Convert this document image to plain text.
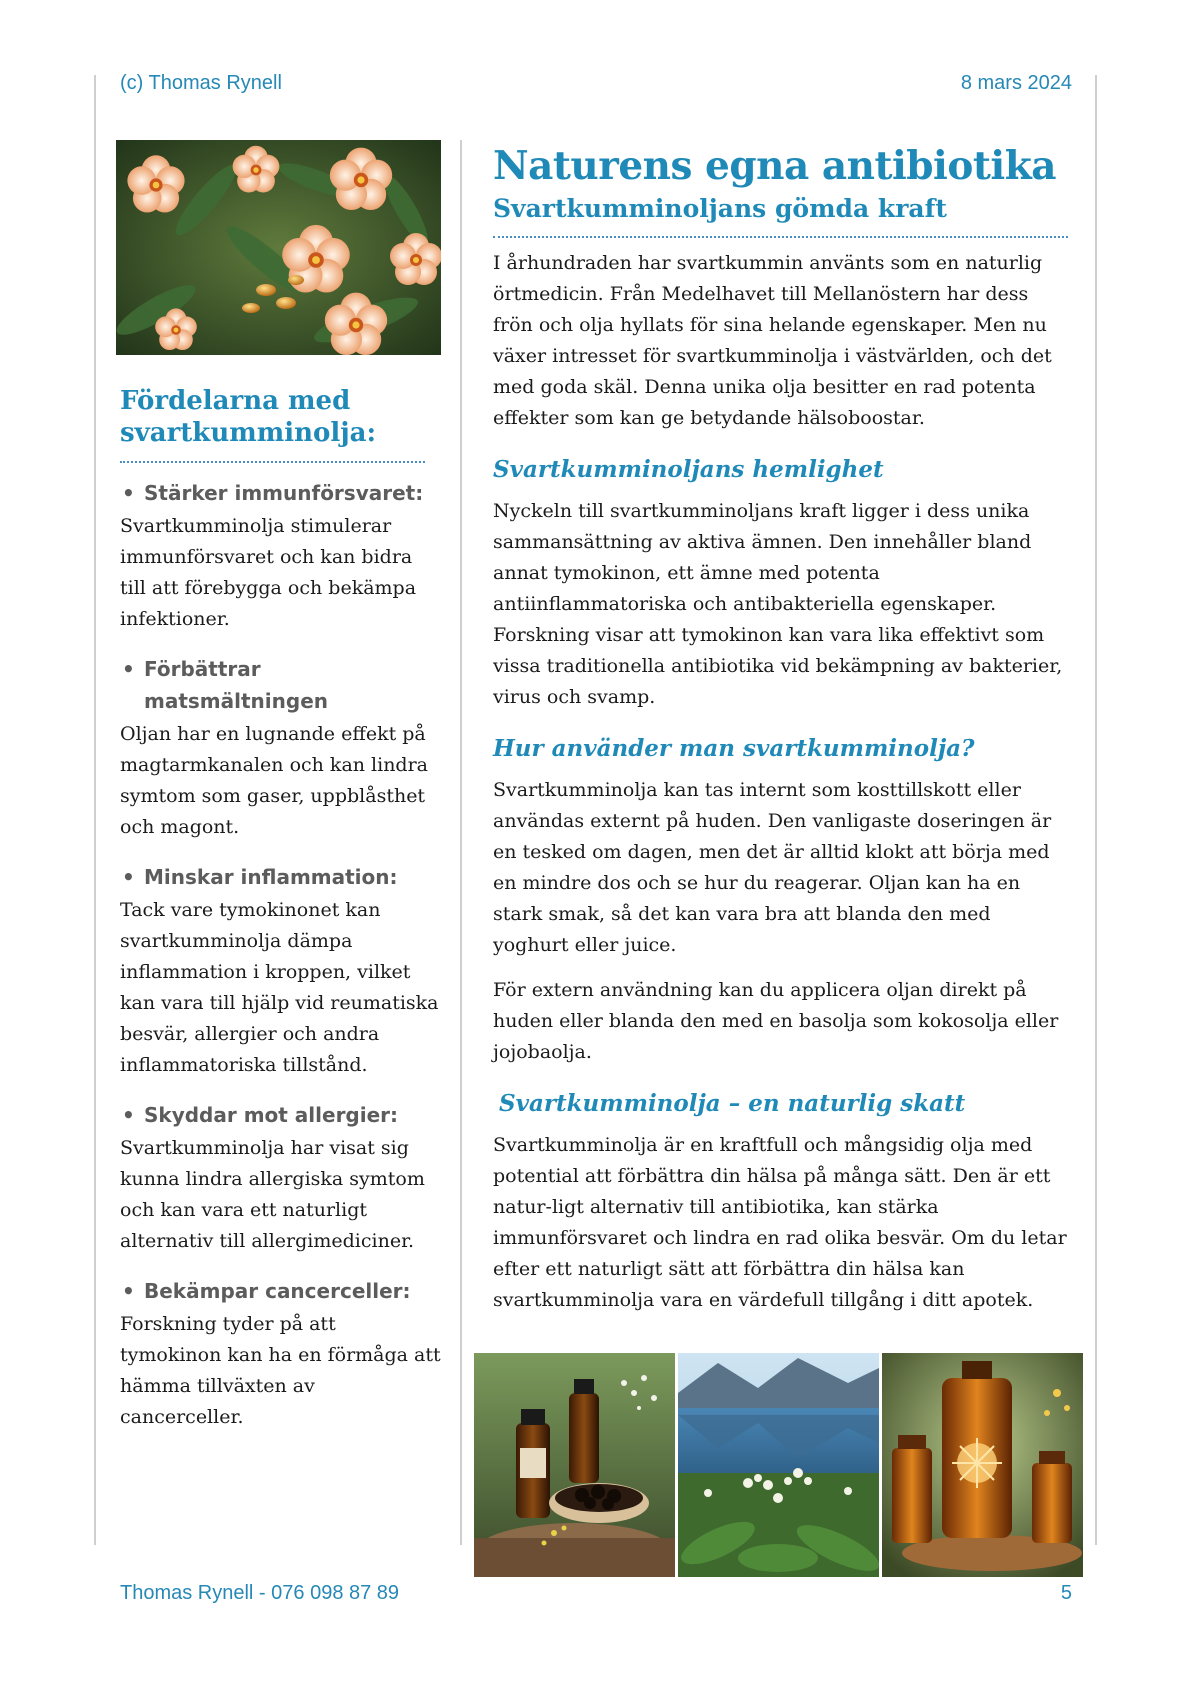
(c) Thomas Rynell	8 mars 2024
Fördelarna med svartkumminolja:
• Stärker immunförsvaret:
Svartkumminolja stimulerar immunförsvaret och kan bidra till att förebygga och bekämpa infektioner.
• Förbättrar matsmältningen
Oljan har en lugnande effekt på magtarmkanalen och kan lindra symtom som gaser, uppblåsthet och magont.
• Minskar inflammation:
Tack vare tymokinonet kan svartkumminolja dämpa inflammation i kroppen, vilket kan vara till hjälp vid reumatiska besvär, allergier och andra inflammatoriska tillstånd.
• Skyddar mot allergier:
Svartkumminolja har visat sig kunna lindra allergiska symtom och kan vara ett naturligt alternativ till allergimediciner.
• Bekämpar cancerceller:
Forskning tyder på att tymokinon kan ha en förmåga att hämma tillväxten av cancerceller.
Naturens egna antibiotika
Svartkumminoljans gömda kraft

I århundraden har svartkummin använts som en naturlig örtmedicin. Från Medelhavet till Mellanöstern har dess frön och olja hyllats för sina helande egenskaper. Men nu växer intresset för svartkumminolja i västvärlden, och det med goda skäl. Denna unika olja besitter en rad potenta effekter som kan ge betydande hälsoboostar.

Svartkumminoljans hemlighet

Nyckeln till svartkumminoljans kraft ligger i dess unika sammansättning av aktiva ämnen. Den innehåller bland annat tymokinon, ett ämne med potenta antiinflammatoriska och antibakteriella egenskaper. Forskning visar att tymokinon kan vara lika effektivt som vissa traditionella antibiotika vid bekämpning av bakterier, virus och svamp.

Hur använder man svartkumminolja?

Svartkumminolja kan tas internt som kosttillskott eller användas externt på huden. Den vanligaste doseringen är en tesked om dagen, men det är alltid klokt att börja med en mindre dos och se hur du reagerar. Oljan kan ha en stark smak, så det kan vara bra att blanda den med yoghurt eller juice.

För extern användning kan du applicera oljan direkt på huden eller blanda den med en basolja som kokosolja eller jojobaolja.

Svartkumminolja – en naturlig skatt

Svartkumminolja är en kraftfull och mångsidig olja med potential att förbättra din hälsa på många sätt. Den är ett natur-ligt alternativ till antibiotika, kan stärka immunförsvaret och lindra en rad olika besvär. Om du letar efter ett naturligt sätt att förbättra din hälsa kan svartkumminolja vara en värdefull tillgång i ditt apotek.

Thomas Rynell - 076 098 87 89	5
